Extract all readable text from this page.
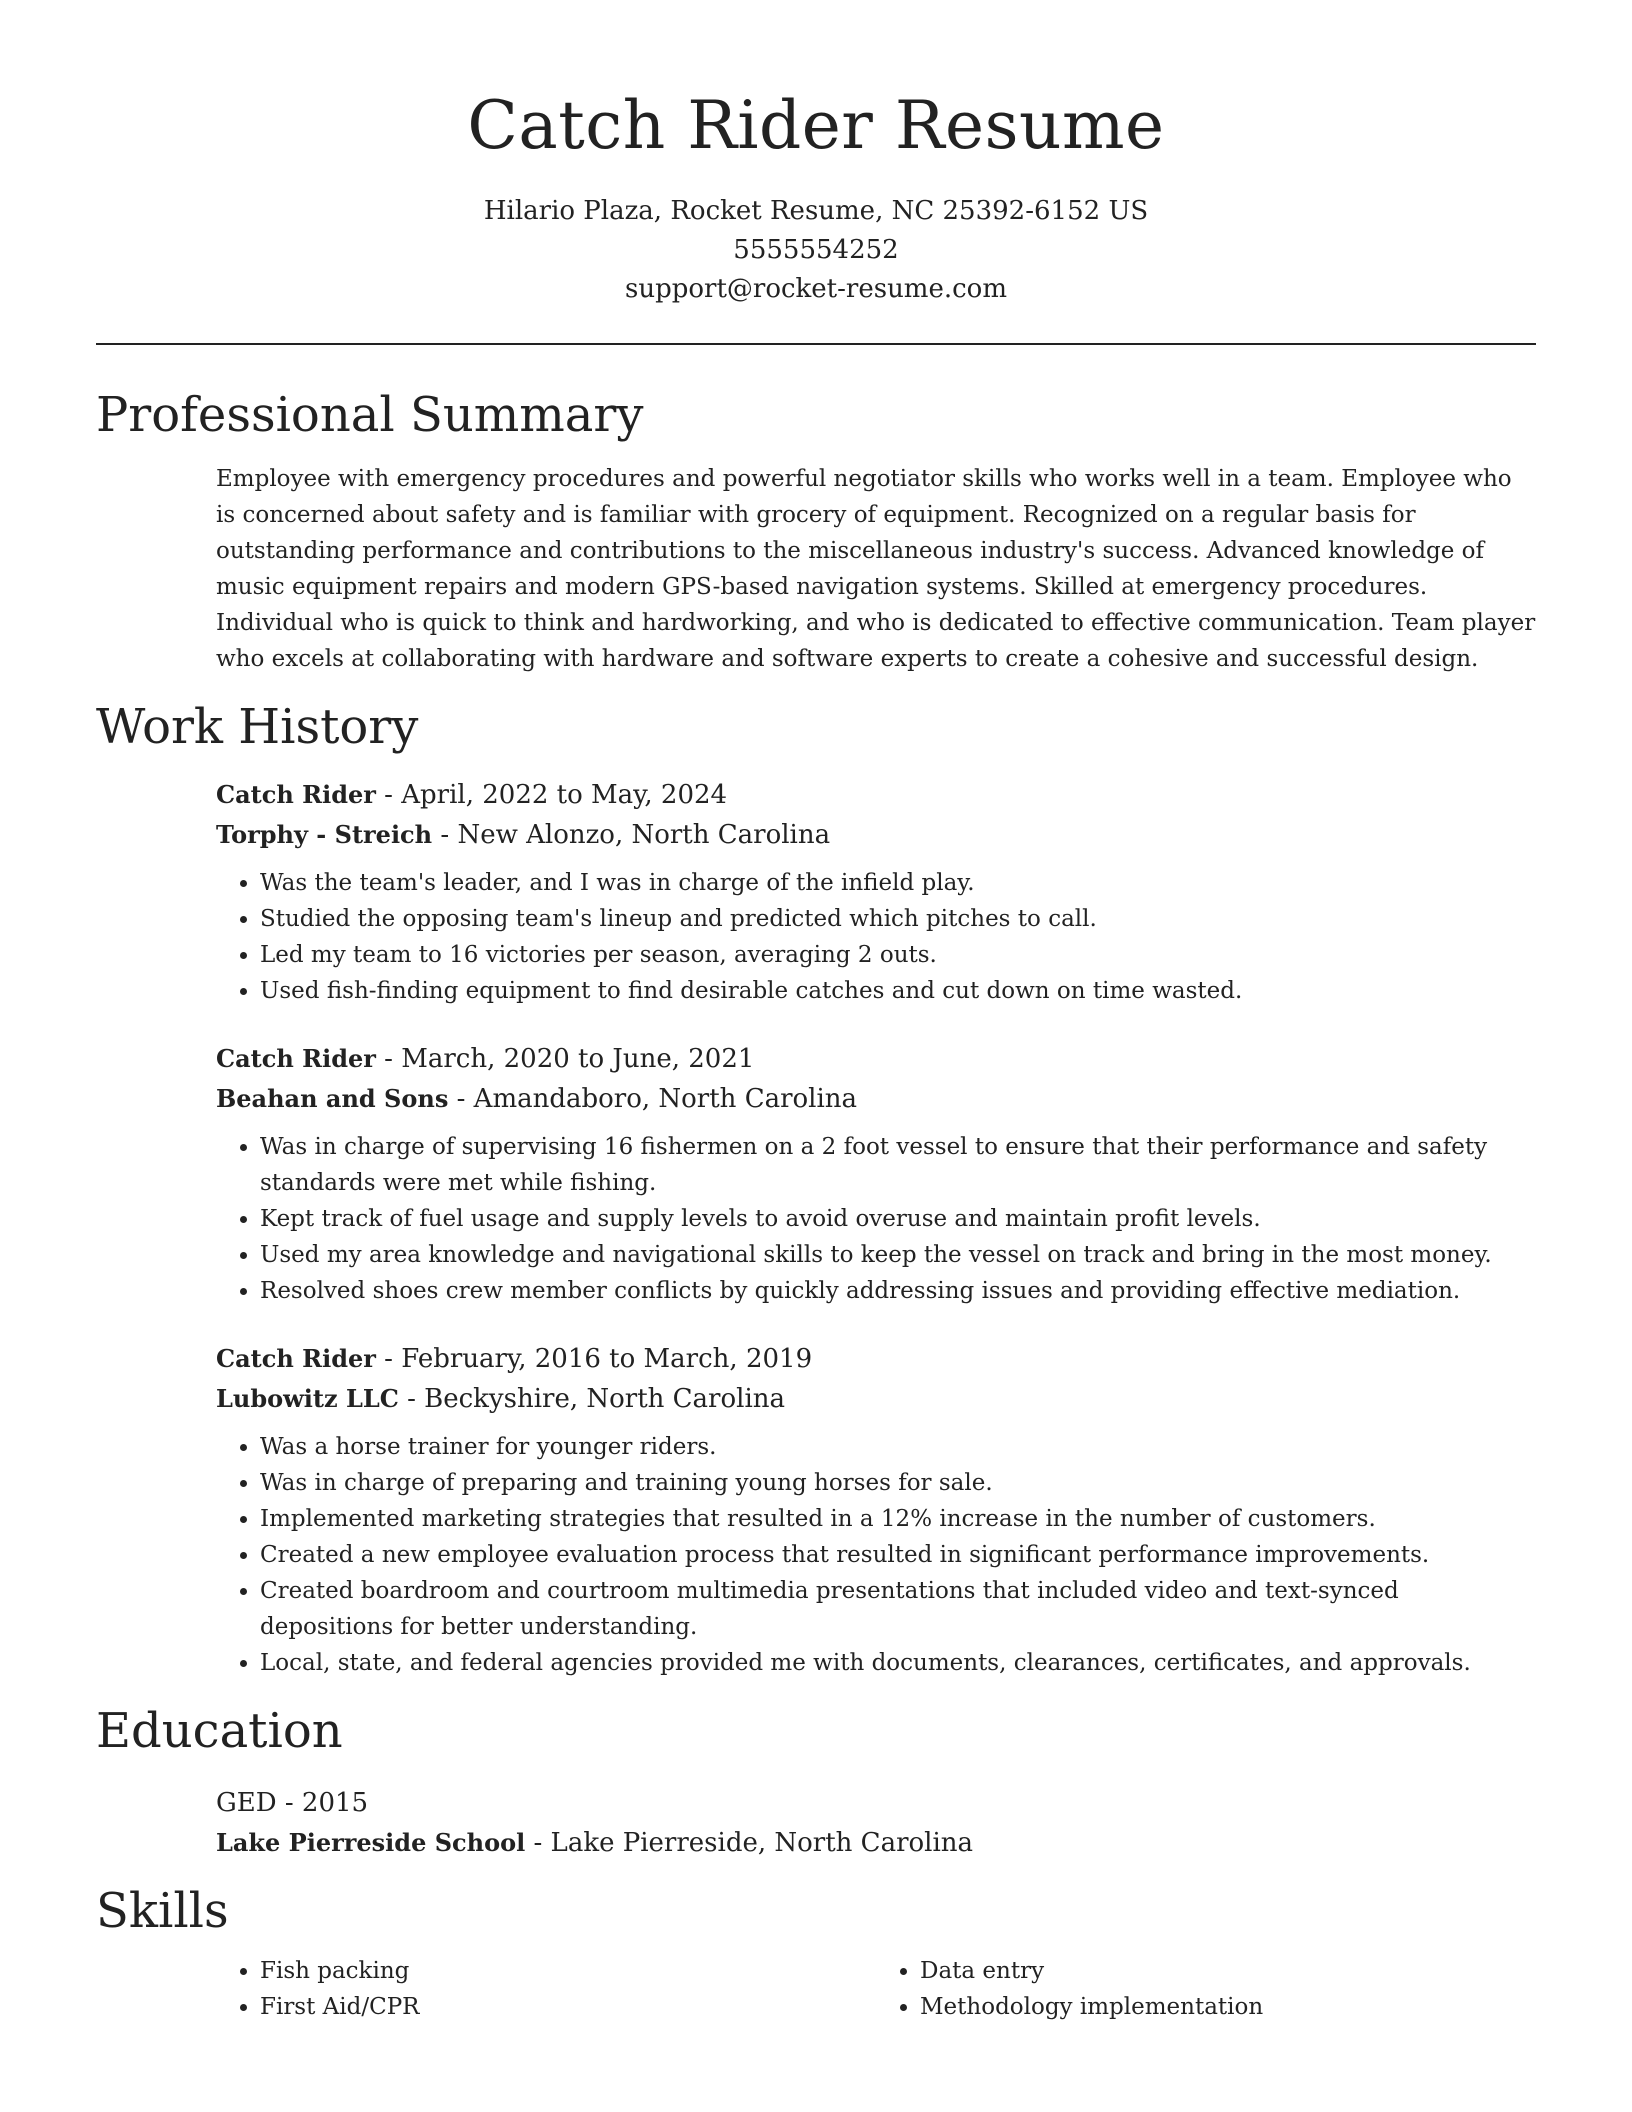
Catch Rider Resume
Hilario Plaza, Rocket Resume, NC 25392-6152 US
5555554252
support@rocket-resume.com
Professional Summary
Employee with emergency procedures and powerful negotiator skills who works well in a team. Employee who is concerned about safety and is familiar with grocery of equipment. Recognized on a regular basis for outstanding performance and contributions to the miscellaneous industry's success. Advanced knowledge of music equipment repairs and modern GPS-based navigation systems. Skilled at emergency procedures. Individual who is quick to think and hardworking, and who is dedicated to effective communication. Team player who excels at collaborating with hardware and software experts to create a cohesive and successful design.
Work History
Catch Rider - April, 2022 to May, 2024
Torphy - Streich - New Alonzo, North Carolina
• Was the team's leader, and I was in charge of the infield play.
• Studied the opposing team's lineup and predicted which pitches to call.
• Led my team to 16 victories per season, averaging 2 outs.
• Used fish-finding equipment to find desirable catches and cut down on time wasted.
Catch Rider - March, 2020 to June, 2021
Beahan and Sons - Amandaboro, North Carolina
• Was in charge of supervising 16 fishermen on a 2 foot vessel to ensure that their performance and safety standards were met while fishing.
• Kept track of fuel usage and supply levels to avoid overuse and maintain profit levels.
• Used my area knowledge and navigational skills to keep the vessel on track and bring in the most money.
• Resolved shoes crew member conflicts by quickly addressing issues and providing effective mediation.
Catch Rider - February, 2016 to March, 2019
Lubowitz LLC - Beckyshire, North Carolina
• Was a horse trainer for younger riders.
• Was in charge of preparing and training young horses for sale.
• Implemented marketing strategies that resulted in a 12% increase in the number of customers.
• Created a new employee evaluation process that resulted in significant performance improvements.
• Created boardroom and courtroom multimedia presentations that included video and text-synced depositions for better understanding.
• Local, state, and federal agencies provided me with documents, clearances, certificates, and approvals.
Education
GED - 2015
Lake Pierreside School - Lake Pierreside, North Carolina
Skills
• Fish packing
• First Aid/CPR
• Data entry
• Methodology implementation
